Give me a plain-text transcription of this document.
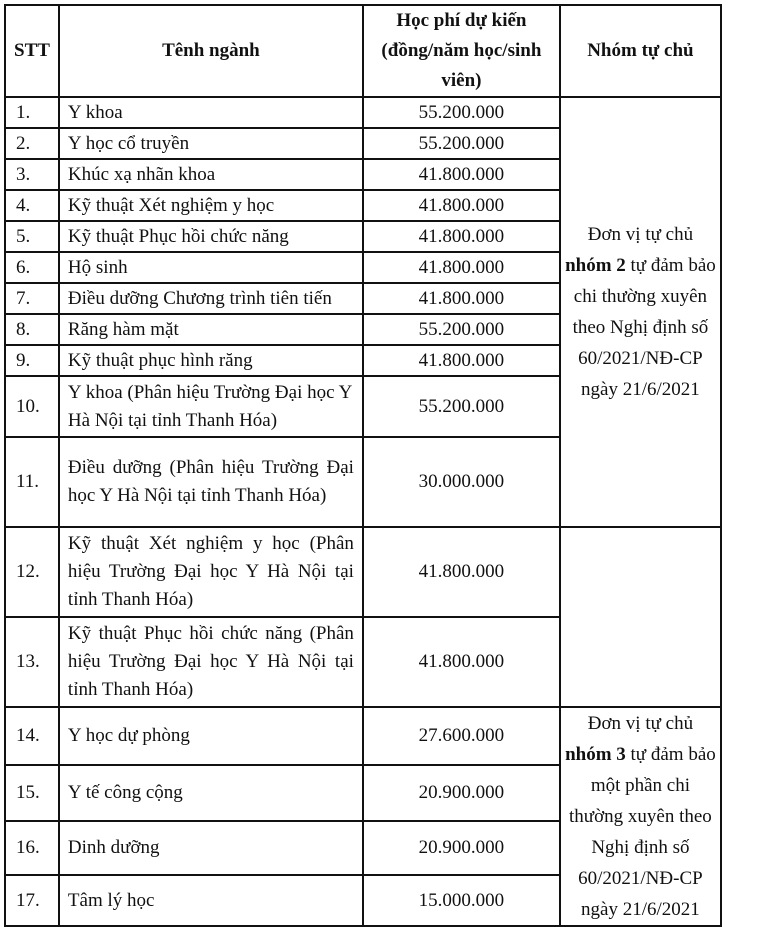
STT	Tênh ngành	Học phí dự kiến (đồng/năm học/sinh viên)	Nhóm tự chủ
1.	Y khoa	55.200.000	Đơn vị tự chủ nhóm 2 tự đảm bảo chi thường xuyên theo Nghị định số 60/2021/NĐ-CP ngày 21/6/2021
2.	Y học cổ truyền	55.200.000	
3.	Khúc xạ nhãn khoa	41.800.000	
4.	Kỹ thuật Xét nghiệm y học	41.800.000	
5.	Kỹ thuật Phục hồi chức năng	41.800.000	
6.	Hộ sinh	41.800.000	
7.	Điều dưỡng Chương trình tiên tiến	41.800.000	
8.	Răng hàm mặt	55.200.000	
9.	Kỹ thuật phục hình răng	41.800.000	
10.	Y khoa (Phân hiệu Trường Đại học Y Hà Nội tại tỉnh Thanh Hóa)	55.200.000	
11.	Điều dưỡng (Phân hiệu Trường Đại học Y Hà Nội tại tỉnh Thanh Hóa)	30.000.000	
12.	Kỹ thuật Xét nghiệm y học (Phân hiệu Trường Đại học Y Hà Nội tại tỉnh Thanh Hóa)	41.800.000	
13.	Kỹ thuật Phục hồi chức năng (Phân hiệu Trường Đại học Y Hà Nội tại tỉnh Thanh Hóa)	41.800.000	
14.	Y học dự phòng	27.600.000	Đơn vị tự chủ nhóm 3 tự đảm bảo một phần chi thường xuyên theo Nghị định số 60/2021/NĐ-CP ngày 21/6/2021
15.	Y tế công cộng	20.900.000	
16.	Dinh dưỡng	20.900.000	
17.	Tâm lý học	15.000.000	
